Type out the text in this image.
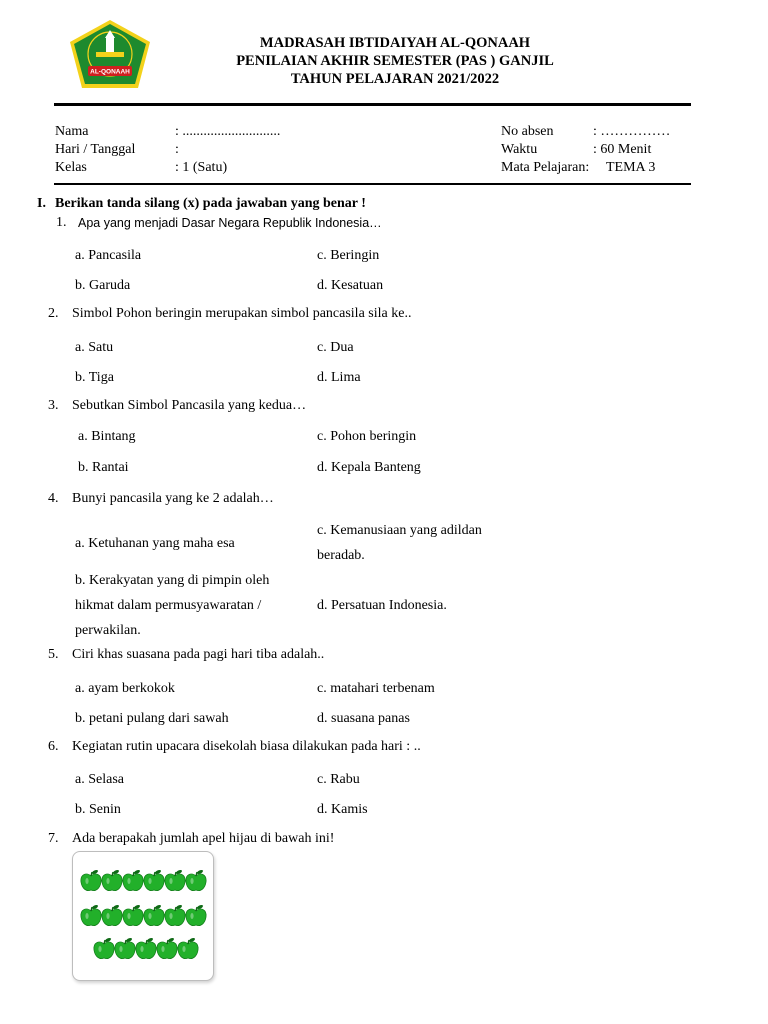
AL-QONAAH
MADRASAH IBTIDAIYAH AL-QONAAH
PENILAIAN AKHIR SEMESTER (PAS ) GANJIL
TAHUN PELAJARAN 2021/2022
Nama	: ............................
Hari / Tanggal	:
Kelas	: 1 (Satu)
No absen	: ……………
Waktu	: 60 Menit
Mata Pelajaran: TEMA 3
I. Berikan tanda silang (x) pada jawaban yang benar !
1. Apa yang menjadi Dasar Negara Republik Indonesia…
a. Pancasila
b. Garuda
c. Beringin
d. Kesatuan
2. Simbol Pohon beringin merupakan simbol pancasila sila ke..
a. Satu
b. Tiga
c. Dua
d. Lima
3. Sebutkan Simbol Pancasila yang kedua…
a. Bintang
b. Rantai
c. Pohon beringin
d. Kepala Banteng
4. Bunyi pancasila yang ke 2 adalah…
a. Ketuhanan yang maha esa
c. Kemanusiaan yang adildan
beradab.
b. Kerakyatan yang di pimpin oleh
hikmat dalam permusyawaratan /
perwakilan.
d. Persatuan Indonesia.
5. Ciri khas suasana pada pagi hari tiba adalah..
a. ayam berkokok
b. petani pulang dari sawah
c. matahari terbenam
d. suasana panas
6. Kegiatan rutin upacara disekolah biasa dilakukan pada hari : ..
a. Selasa
b. Senin
c. Rabu
d. Kamis
7. Ada berapakah jumlah apel hijau di bawah ini!
